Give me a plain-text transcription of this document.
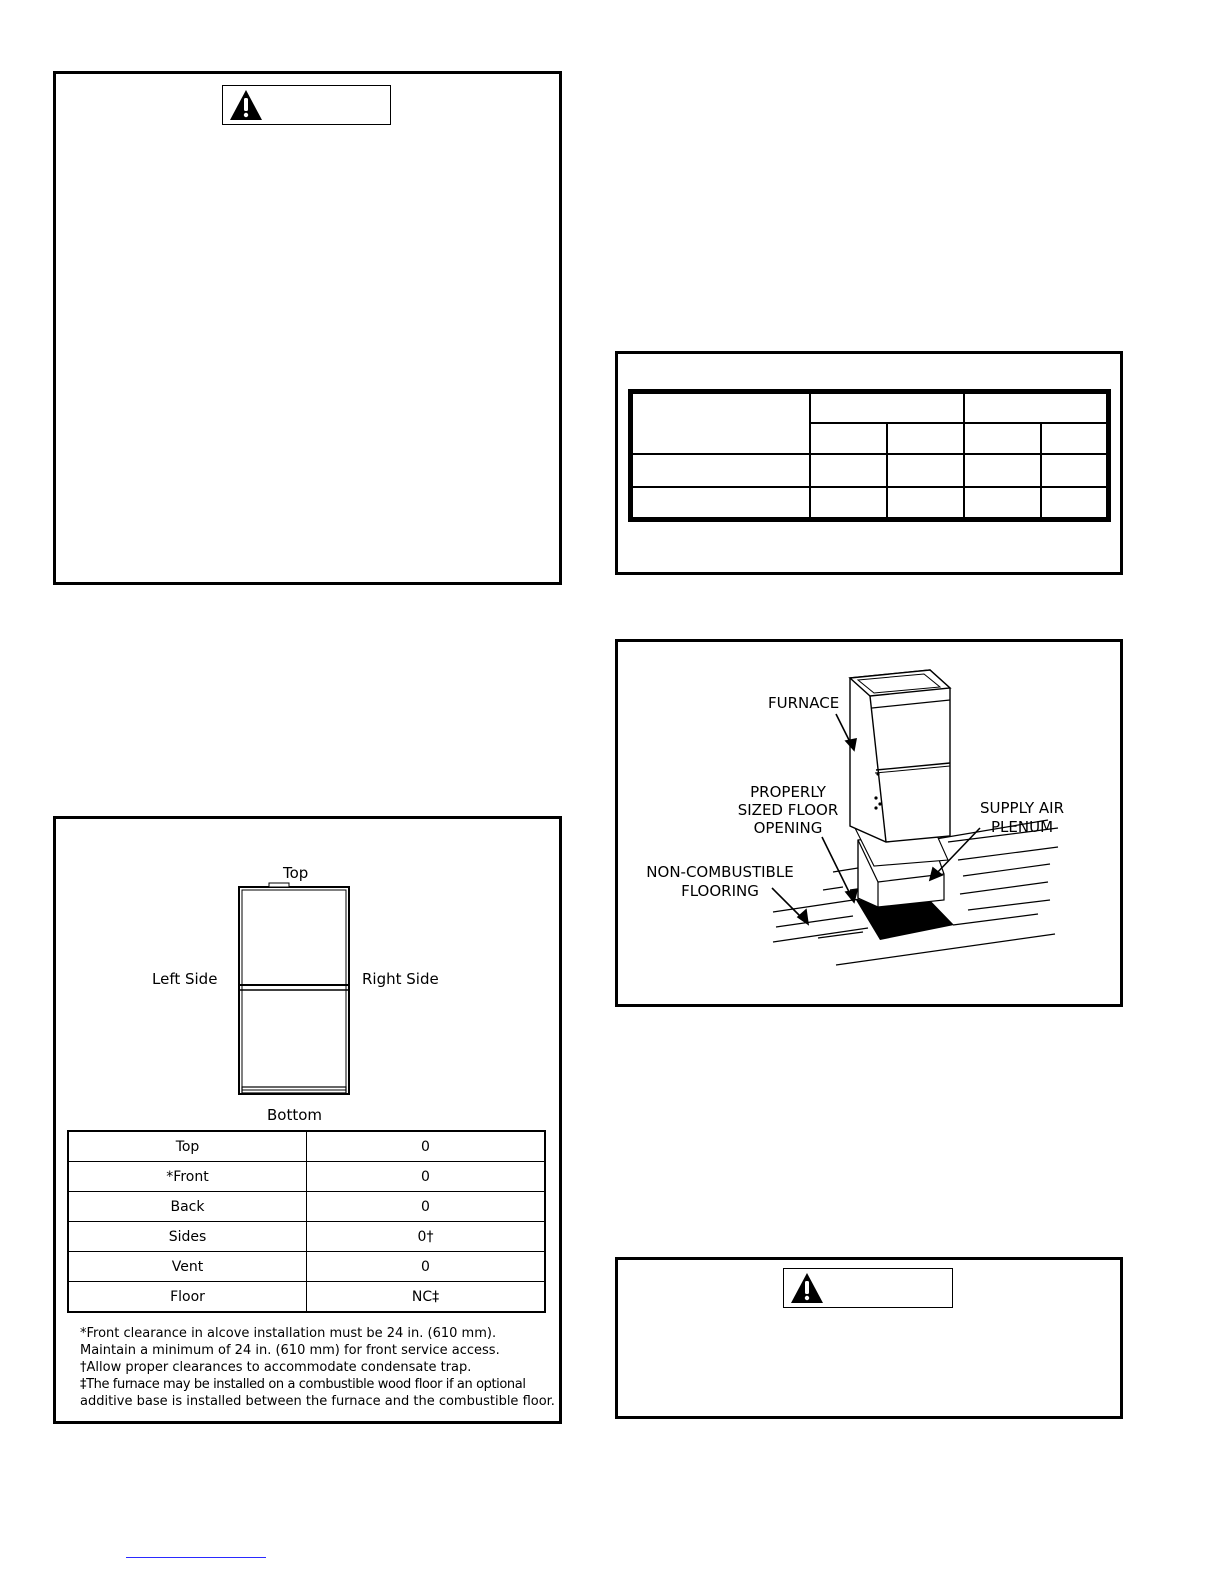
FURNACE
PROPERLY
SIZED FLOOR
OPENING
SUPPLY AIR
PLENUM
NON-COMBUSTIBLE
FLOORING
Top
Left Side	Right Side
Bottom
Top	0
*Front	0
Back	0
Sides	0†
Vent	0
Floor	NC‡
*Front clearance in alcove installation must be 24 in. (610 mm).
Maintain a minimum of 24 in. (610 mm) for front service access.
†Allow proper clearances to accommodate condensate trap.
‡The furnace may be installed on a combustible wood floor if an optional
additive base is installed between the furnace and the combustible floor.
